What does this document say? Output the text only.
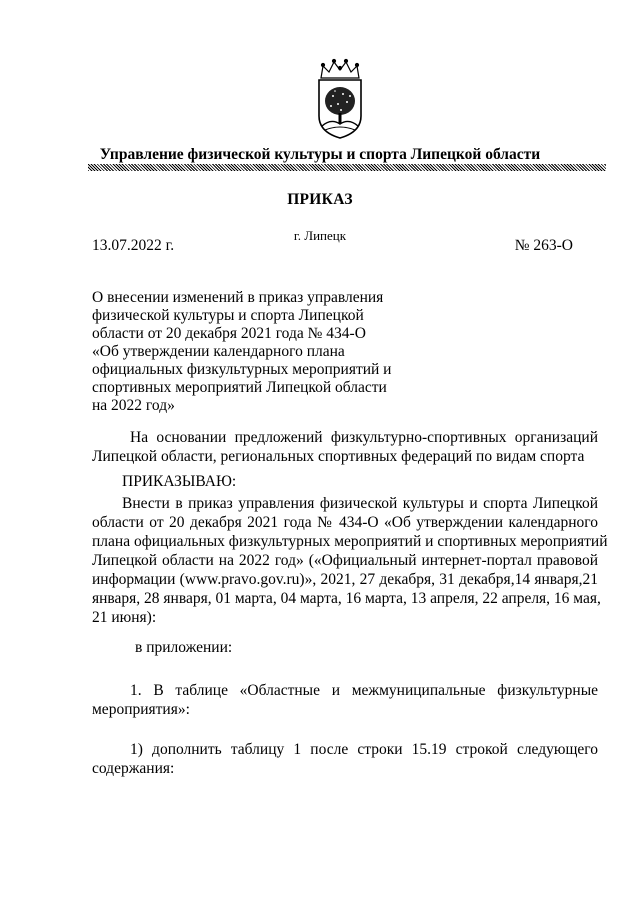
Управление физической культуры и спорта Липецкой области
ПРИКАЗ
г. Липецк
13.07.2022 г.	№ 263-О
О внесении изменений в приказ управления
физической культуры и спорта Липецкой
области от 20 декабря 2021 года № 434-О
«Об утверждении календарного плана
официальных физкультурных мероприятий и
спортивных мероприятий Липецкой области
на 2022 год»
На основании предложений физкультурно-спортивных организаций
Липецкой области, региональных спортивных федераций по видам спорта
ПРИКАЗЫВАЮ:
Внести в приказ управления физической культуры и спорта Липецкой
области от 20 декабря 2021 года № 434-О «Об утверждении календарного
плана официальных физкультурных мероприятий и спортивных мероприятий
Липецкой области на 2022 год» («Официальный интернет-портал правовой
информации (www.pravo.gov.ru)», 2021, 27 декабря, 31 декабря,14 января,21
января, 28 января, 01 марта, 04 марта, 16 марта, 13 апреля, 22 апреля, 16 мая,
21 июня):
в приложении:
1. В таблице «Областные и межмуниципальные физкультурные
мероприятия»:
1) дополнить таблицу 1 после строки 15.19 строкой следующего
содержания:
